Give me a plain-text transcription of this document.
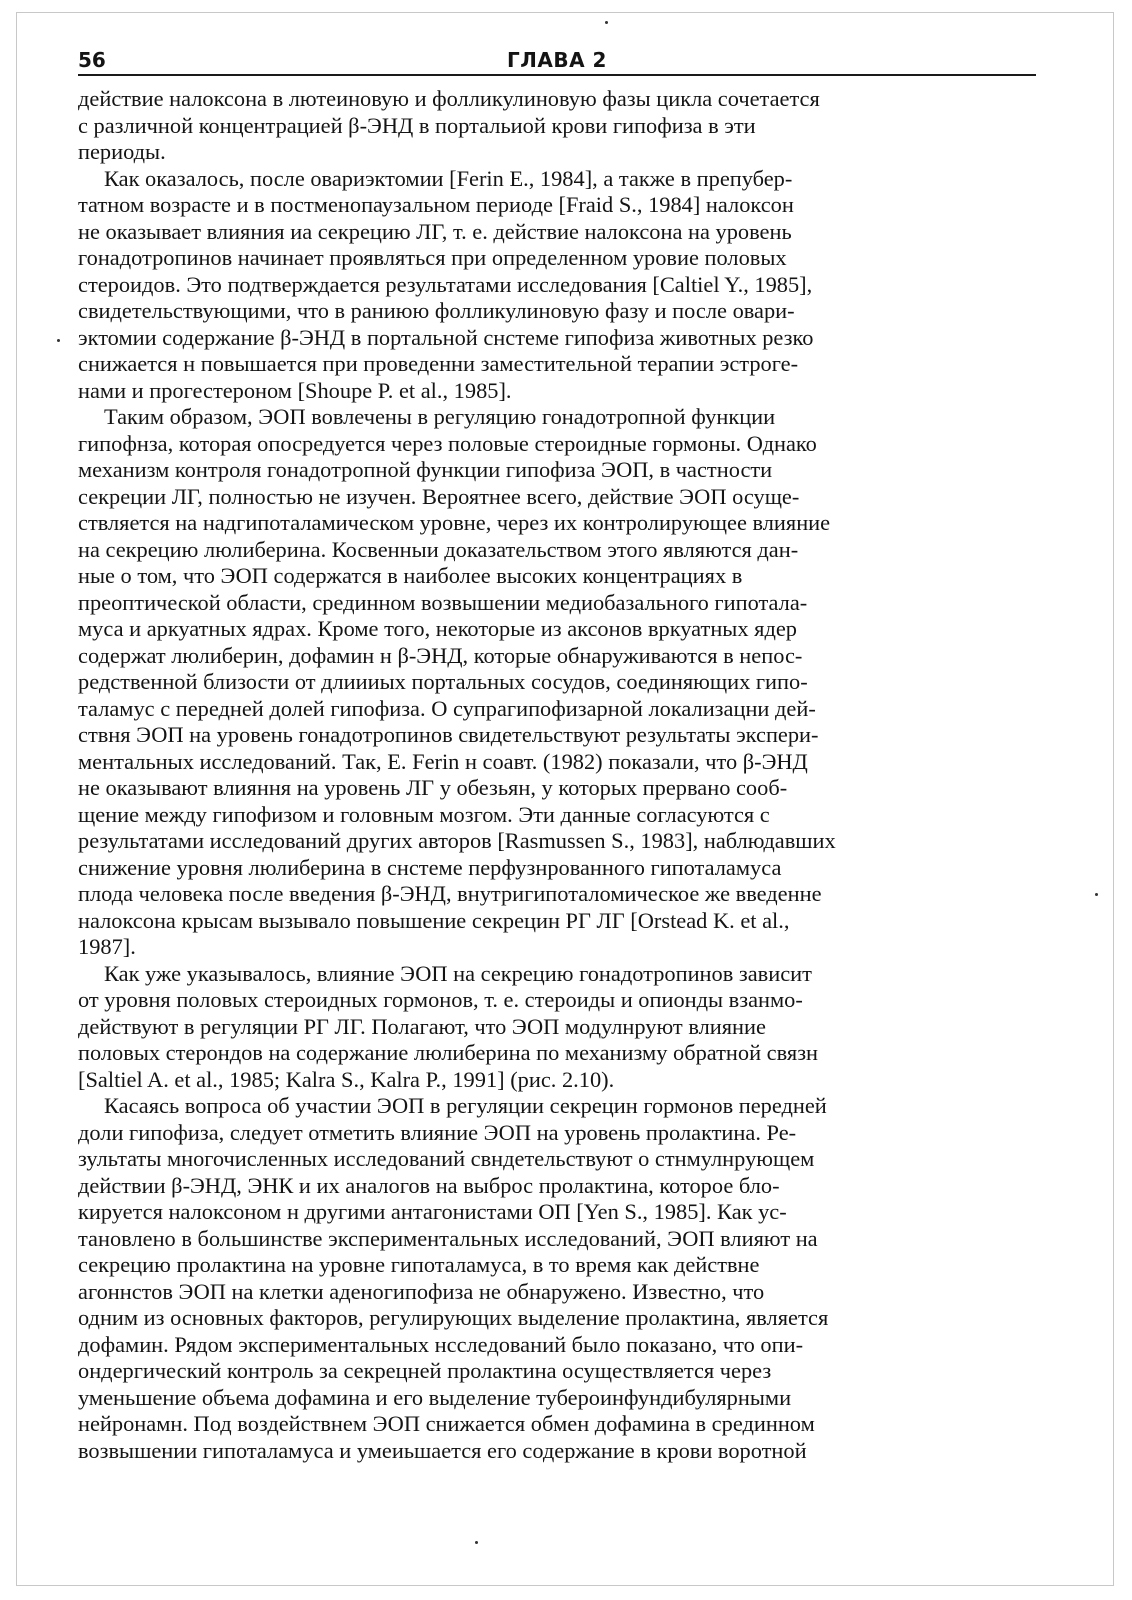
56	ГЛАВА 2

действие налоксона в лютеиновую и фолликулиновую фазы цикла сочетается
с различной концентрацией β-ЭНД в портальиой крови гипофиза в эти
периоды.

Как оказалось, после овариэктомии [Ferin E., 1984], а также в препубер-
татном возрасте и в постменопаузальном периоде [Fraid S., 1984] налоксон
не оказывает влияния иа секрецию ЛГ, т. е. действие налоксона на уровень
гонадотропинов начинает проявляться при определенном уровие половых
стероидов. Это подтверждается результатами исследования [Caltiel Y., 1985],
свидетельствующими, что в раниюю фолликулиновую фазу и после овари-
эктомии содержание β-ЭНД в портальной снстеме гипофиза животных резко
снижается н повышается при проведенни заместительной терапии эстроге-
нами и прогестероном [Shoupe P. et al., 1985].

Таким образом, ЭОП вовлечены в регуляцию гонадотропной функции
гипофнза, которая опосредуется через половые стероидные гормоны. Однако
механизм контроля гонадотропной функции гипофиза ЭОП, в частности
секреции ЛГ, полностью не изучен. Вероятнее всего, действие ЭОП осуще-
ствляется на надгипоталамическом уровне, через их контролирующее влияние
на секрецию люлиберина. Косвенныи доказательством этого являются дан-
ные о том, что ЭОП содержатся в наиболее высоких концентрациях в
преоптической области, срединном возвышении медиобазального гипотала-
муса и аркуатных ядрах. Кроме того, некоторые из аксонов вркуатных ядер
содержат люлиберин, дофамин н β-ЭНД, которые обнаруживаются в непос-
редственной близости от длиииых портальных сосудов, соединяющих гипо-
таламус с передней долей гипофиза. О супрагипофизарной локализацни дей-
ствня ЭОП на уровень гонадотропинов свидетельствуют результаты экспери-
ментальных исследований. Так, Е. Ferin н соавт. (1982) показали, что β-ЭНД
не оказывают влияння на уровень ЛГ у обезьян, у которых прервано сооб-
щение между гипофизом и головным мозгом. Эти данные согласуются с
результатами исследований других авторов [Rasmussen S., 1983], наблюдавших
снижение уровня люлиберина в снстеме перфузнрованного гипоталамуса
плода человека после введения β-ЭНД, внутригипоталомическое же введенне
налоксона крысам вызывало повышение секрецин РГ ЛГ [Orstead K. et al.,
1987].

Как уже указывалось, влияние ЭОП на секрецию гонадотропинов зависит
от уровня половых стероидных гормонов, т. е. стероиды и опионды взанмо-
действуют в регуляции РГ ЛГ. Полагают, что ЭОП модулнруют влияние
половых стерондов на содержание люлиберина по механизму обратной связн
[Saltiel A. et al., 1985; Kalra S., Kalra P., 1991] (рис. 2.10).

Касаясь вопроса об участии ЭОП в регуляции секрецин гормонов передней
доли гипофиза, следует отметить влияние ЭОП на уровень пролактина. Ре-
зультаты многочисленных исследований свндетельствуют о стнмулнрующем
действии β-ЭНД, ЭНК и их аналогов на выброс пролактина, которое бло-
кируется налоксоном н другими антагонистами ОП [Yen S., 1985]. Как ус-
тановлено в большинстве экспериментальных исследований, ЭОП влияют на
секрецию пролактина на уровне гипоталамуса, в то время как действне
агоннстов ЭОП на клетки аденогипофиза не обнаружено. Известно, что
одним из основных факторов, регулирующих выделение пролактина, является
дофамин. Рядом экспериментальных нсследований было показано, что опи-
ондергический контроль за секрецней пролактина осуществляется через
уменьшение объема дофамина и его выделение тубероинфундибулярными
нейронамн. Под воздействнем ЭОП снижается обмен дофамина в срединном
возвышении гипоталамуса и умеиьшается его содержание в крови воротной
